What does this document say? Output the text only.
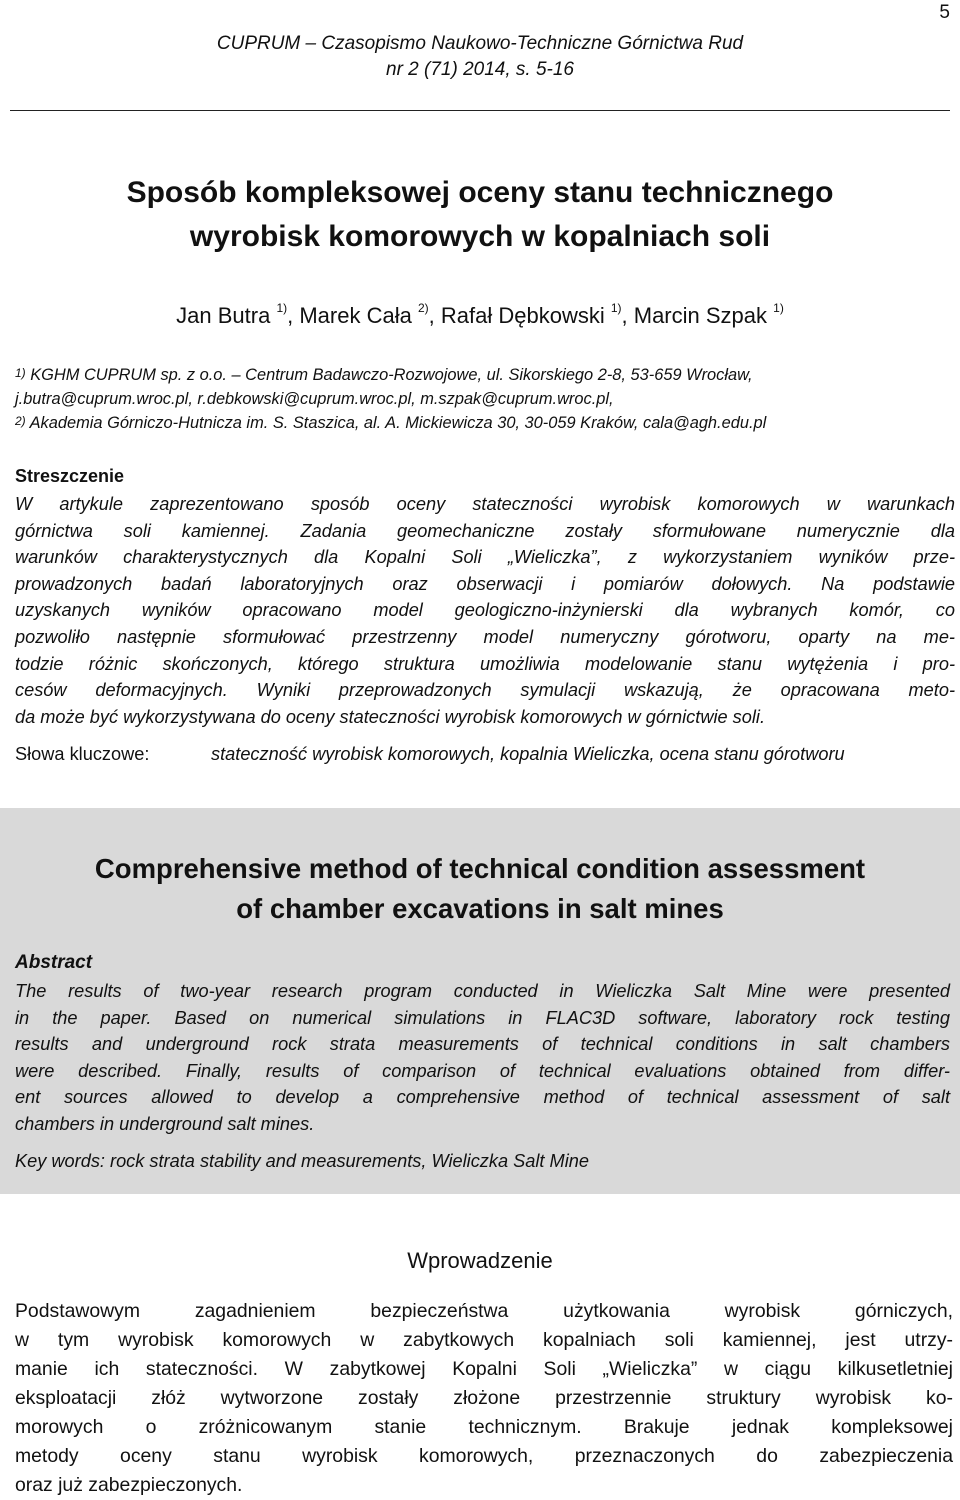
5
CUPRUM – Czasopismo Naukowo-Techniczne Górnictwa Rud
nr 2 (71) 2014, s. 5-16
Sposób kompleksowej oceny stanu technicznego
wyrobisk komorowych w kopalniach soli
Jan Butra $^{1)}$, Marek Cała $^{2)}$, Rafał Dębkowski $^{1)}$, Marcin Szpak $^{1)}$
$^{1)}$ KGHM CUPRUM sp. z o.o. – Centrum Badawczo-Rozwojowe, ul. Sikorskiego 2-8, 53-659 Wrocław,
j.butra@cuprum.wroc.pl, r.debkowski@cuprum.wroc.pl, m.szpak@cuprum.wroc.pl,
$^{2)}$ Akademia Górniczo-Hutnicza im. S. Staszica, al. A. Mickiewicza 30, 30-059 Kraków, cala@agh.edu.pl
Streszczenie
W artykule zaprezentowano sposób oceny stateczności wyrobisk komorowych w warunkach
górnictwa soli kamiennej. Zadania geomechaniczne zostały sformułowane numerycznie dla
warunków charakterystycznych dla Kopalni Soli „Wieliczka”, z wykorzystaniem wyników prze-
prowadzonych badań laboratoryjnych oraz obserwacji i pomiarów dołowych. Na podstawie
uzyskanych wyników opracowano model geologiczno-inżynierski dla wybranych komór, co
pozwoliło następnie sformułować przestrzenny model numeryczny górotworu, oparty na me-
todzie różnic skończonych, którego struktura umożliwia modelowanie stanu wytężenia i pro-
cesów deformacyjnych. Wyniki przeprowadzonych symulacji wskazują, że opracowana meto-
da może być wykorzystywana do oceny stateczności wyrobisk komorowych w górnictwie soli.
Słowa kluczowe:	stateczność wyrobisk komorowych, kopalnia Wieliczka, ocena stanu górotworu
Comprehensive method of technical condition assessment
of chamber excavations in salt mines
Abstract
The results of two-year research program conducted in Wieliczka Salt Mine were presented
in the paper. Based on numerical simulations in FLAC3D software, laboratory rock testing
results and underground rock strata measurements of technical conditions in salt chambers
were described. Finally, results of comparison of technical evaluations obtained from differ-
ent sources allowed to develop a comprehensive method of technical assessment of salt
chambers in underground salt mines.
Key words: rock strata stability and measurements, Wieliczka Salt Mine
Wprowadzenie
Podstawowym zagadnieniem bezpieczeństwa użytkowania wyrobisk górniczych,
w tym wyrobisk komorowych w zabytkowych kopalniach soli kamiennej, jest utrzy-
manie ich stateczności. W zabytkowej Kopalni Soli „Wieliczka” w ciągu kilkusetletniej
eksploatacji złóż wytworzone zostały złożone przestrzennie struktury wyrobisk ko-
morowych o zróżnicowanym stanie technicznym. Brakuje jednak kompleksowej
metody oceny stanu wyrobisk komorowych, przeznaczonych do zabezpieczenia
oraz już zabezpieczonych.
